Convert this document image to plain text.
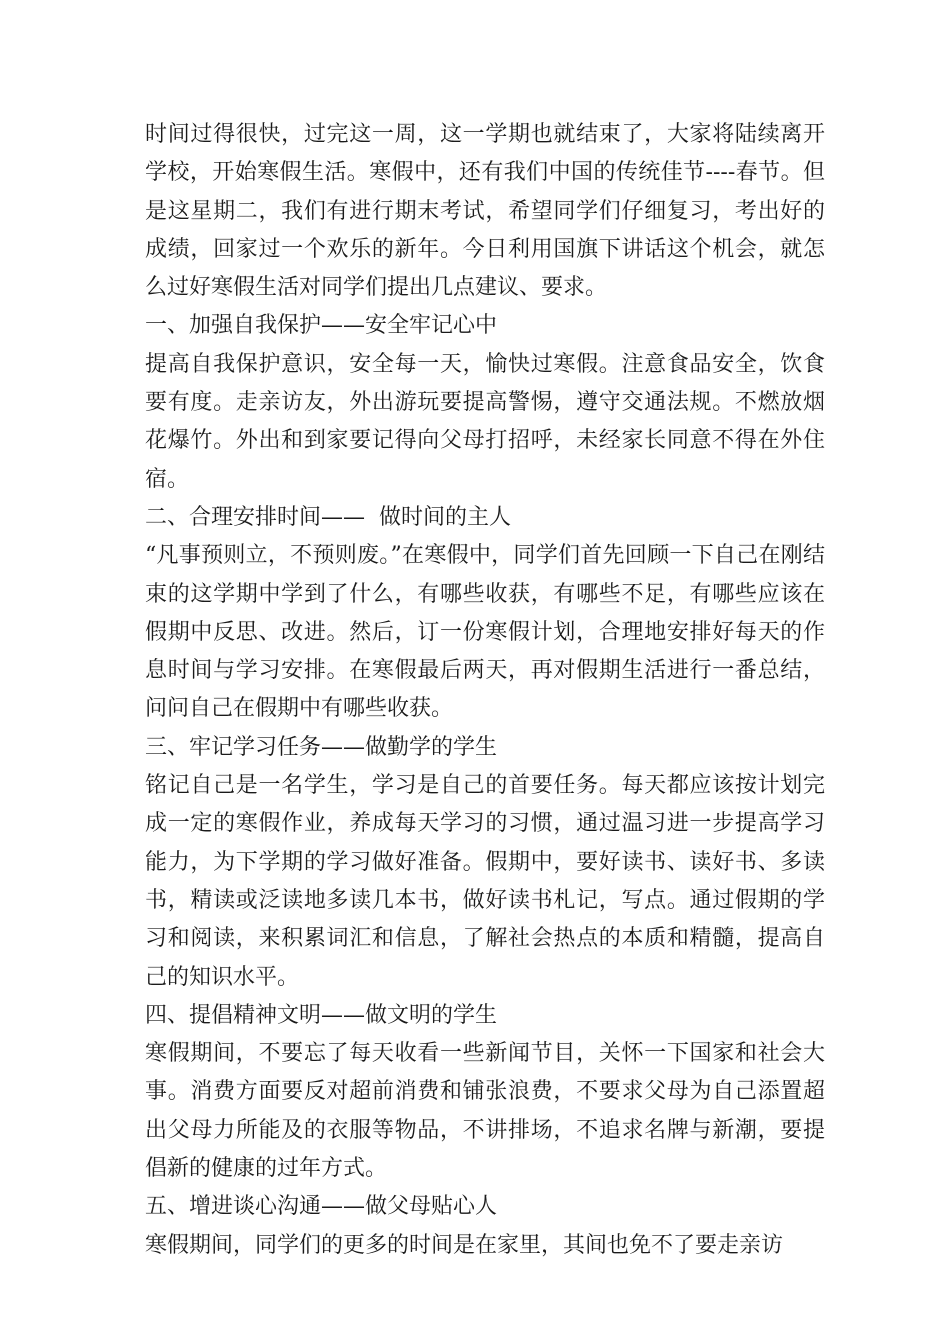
时间过得很快，过完这一周，这一学期也就结束了，大家将陆续离开学校，开始寒假生活。寒假中，还有我们中国的传统佳节----春节。但是这星期二，我们有进行期末考试，希望同学们仔细复习，考出好的成绩，回家过一个欢乐的新年。今日利用国旗下讲话这个机会，就怎么过好寒假生活对同学们提出几点建议、要求。

一、加强自我保护——安全牢记心中

提高自我保护意识，安全每一天，愉快过寒假。注意食品安全，饮食要有度。走亲访友，外出游玩要提高警惕，遵守交通法规。不燃放烟花爆竹。外出和到家要记得向父母打招呼，未经家长同意不得在外住宿。

二、合理安排时间——  做时间的主人

“凡事预则立，不预则废。”在寒假中，同学们首先回顾一下自己在刚结束的这学期中学到了什么，有哪些收获，有哪些不足，有哪些应该在假期中反思、改进。然后，订一份寒假计划，合理地安排好每天的作息时间与学习安排。在寒假最后两天，再对假期生活进行一番总结，问问自己在假期中有哪些收获。

三、牢记学习任务——做勤学的学生

铭记自己是一名学生，学习是自己的首要任务。每天都应该按计划完成一定的寒假作业，养成每天学习的习惯，通过温习进一步提高学习能力，为下学期的学习做好准备。假期中，要好读书、读好书、多读书，精读或泛读地多读几本书，做好读书札记，写点。通过假期的学习和阅读，来积累词汇和信息，了解社会热点的本质和精髓，提高自己的知识水平。

四、提倡精神文明——做文明的学生

寒假期间，不要忘了每天收看一些新闻节目，关怀一下国家和社会大事。消费方面要反对超前消费和铺张浪费，不要求父母为自己添置超出父母力所能及的衣服等物品，不讲排场，不追求名牌与新潮，要提倡新的健康的过年方式。

五、增进谈心沟通——做父母贴心人

寒假期间，同学们的更多的时间是在家里，其间也免不了要走亲访
